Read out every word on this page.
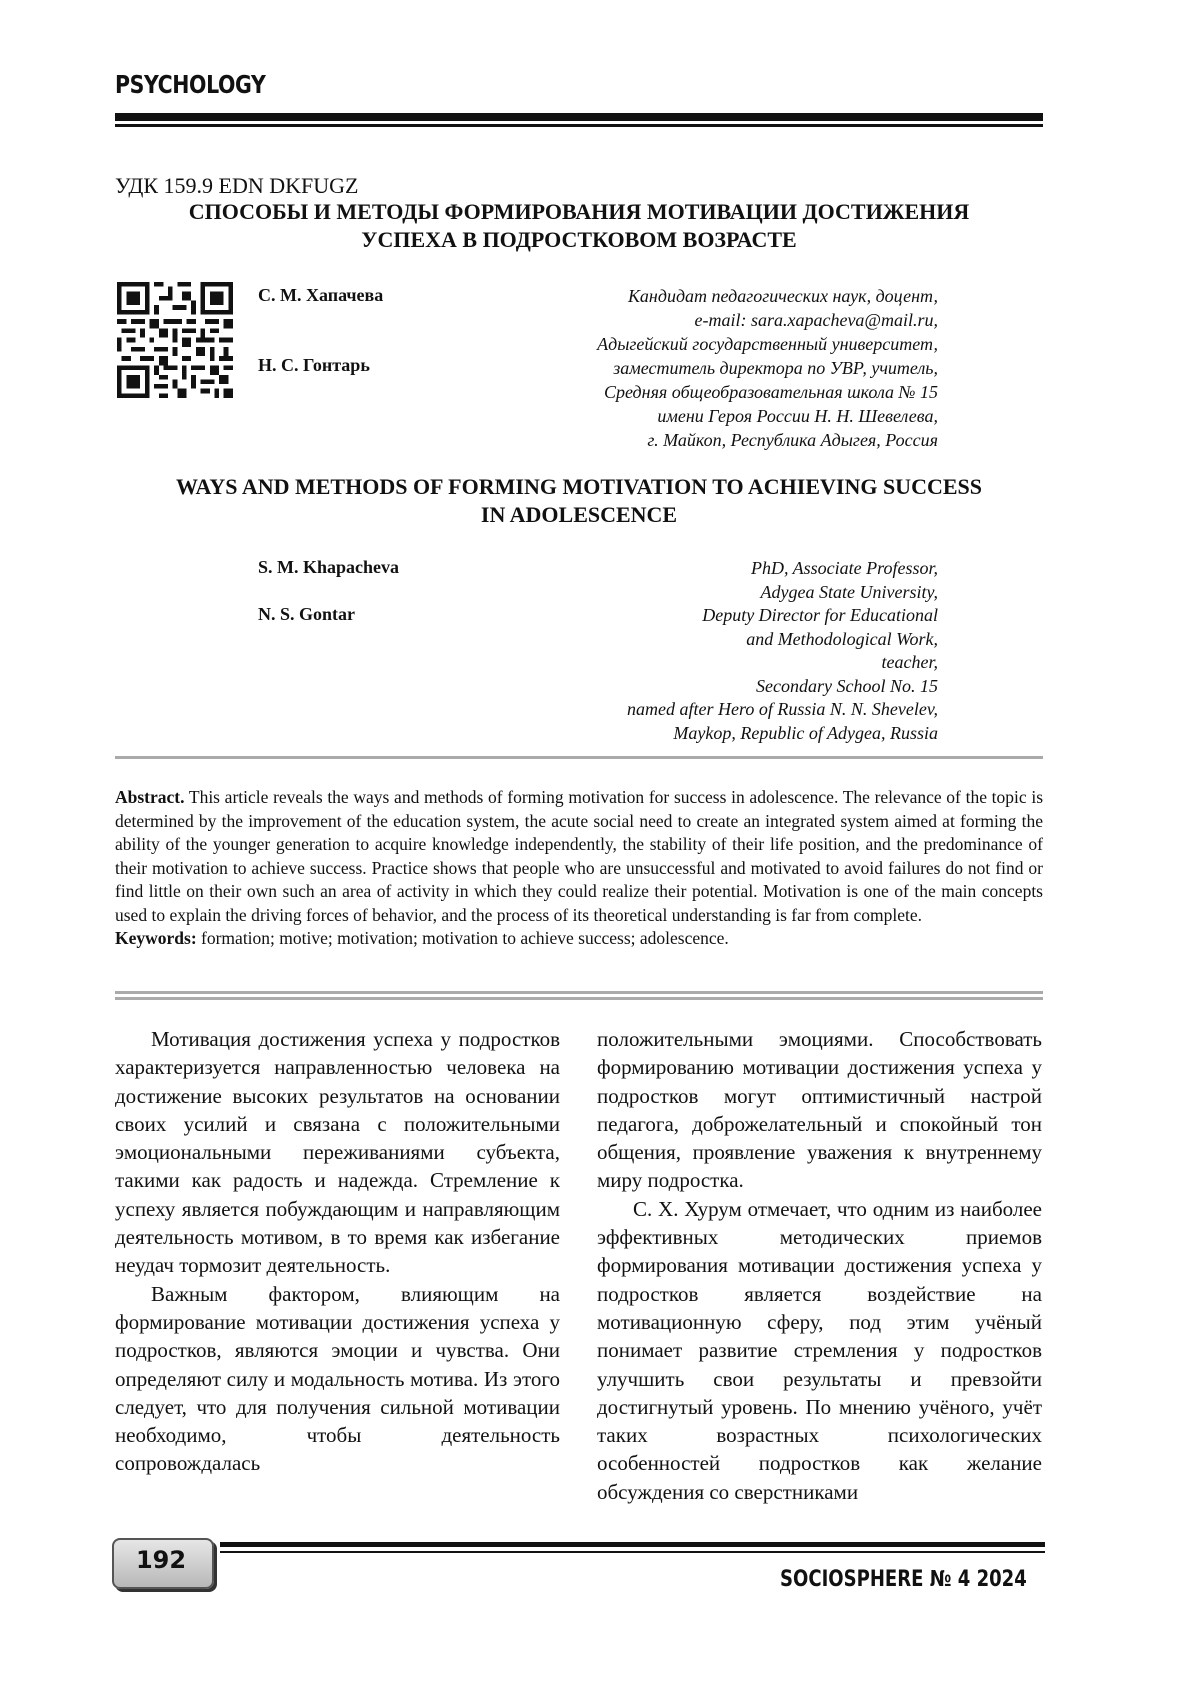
PSYCHOLOGY
УДК 159.9 EDN DKFUGZ
СПОСОБЫ И МЕТОДЫ ФОРМИРОВАНИЯ МОТИВАЦИИ ДОСТИЖЕНИЯ
УСПЕХА В ПОДРОСТКОВОМ ВОЗРАСТЕ
С. М. Хапачева
Н. С. Гонтарь
Кандидат педагогических наук, доцент,
e-mail: sara.xapacheva@mail.ru,
Адыгейский государственный университет,
заместитель директора по УВР, учитель,
Средняя общеобразовательная школа № 15
имени Героя России Н. Н. Шевелева,
г. Майкоп, Республика Адыгея, Россия
WAYS AND METHODS OF FORMING MOTIVATION TO ACHIEVING SUCCESS
IN ADOLESCENCE
S. M. Khapacheva
N. S. Gontar
PhD, Associate Professor,
Adygea State University,
Deputy Director for Educational
and Methodological Work,
teacher,
Secondary School No. 15
named after Hero of Russia N. N. Shevelev,
Maykop, Republic of Adygea, Russia
Abstract. This article reveals the ways and methods of forming motivation for success in adolescence. The relevance of the topic is determined by the improvement of the education system, the acute social need to create an integrated system aimed at forming the ability of the younger generation to acquire knowledge independently, the stability of their life position, and the predominance of their motivation to achieve success. Practice shows that people who are unsuccessful and motivated to avoid failures do not find or find little on their own such an area of activity in which they could realize their potential. Motivation is one of the main concepts used to explain the driving forces of behavior, and the process of its theoretical understanding is far from complete.
Keywords: formation; motive; motivation; motivation to achieve success; adolescence.

Мотивация достижения успеха у подростков характеризуется направленностью человека на достижение высоких результатов на основании своих усилий и связана с положительными эмоциональными переживаниями субъекта, такими как радость и надежда. Стремление к успеху является побуждающим и направляющим деятельность мотивом, в то время как избегание неудач тормозит деятельность.

Важным фактором, влияющим на формирование мотивации достижения успеха у подростков, являются эмоции и чувства. Они определяют силу и модальность мотива. Из этого следует, что для получения сильной мотивации необходимо, чтобы деятельность сопровождалась

положительными эмоциями. Способствовать формированию мотивации достижения успеха у подростков могут оптимистичный настрой педагога, доброжелательный и спокойный тон общения, проявление уважения к внутреннему миру подростка.

С. Х. Хурум отмечает, что одним из наиболее эффективных методических приемов формирования мотивации достижения успеха у подростков является воздействие на мотивационную сферу, под этим учёный понимает развитие стремления у подростков улучшить свои результаты и превзойти достигнутый уровень. По мнению учёного, учёт таких возрастных психологических особенностей подростков как желание обсуждения со сверстниками

192
SOCIOSPHERE № 4 2024
